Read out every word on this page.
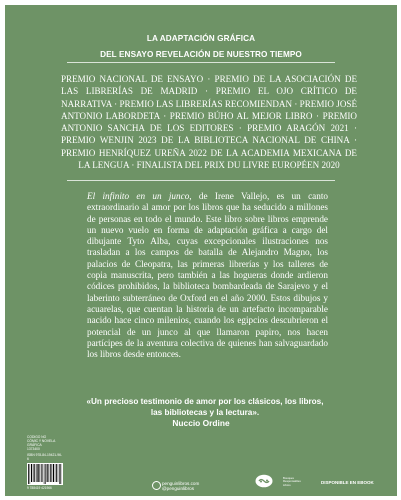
LA ADAPTACIÓN GRÁFICA
DEL ENSAYO REVELACIÓN DE NUESTRO TIEMPO

PREMIO NACIONAL DE ENSAYO · PREMIO DE LA ASOCIACIÓN DE LAS LIBRERÍAS DE MADRID · PREMIO EL OJO CRÍTICO DE NARRATIVA · PREMIO LAS LIBRERÍAS RECOMIENDAN · PREMIO JOSÉ ANTONIO LABORDETA · PREMIO BÚHO AL MEJOR LIBRO · PREMIO ANTONIO SANCHA DE LOS EDITORES · PREMIO ARAGÓN 2021 · PREMIO WENJIN 2023 DE LA BIBLIOTECA NACIONAL DE CHINA · PREMIO HENRÍQUEZ UREÑA 2022 DE LA ACADEMIA MEXICANA DE LA LENGUA · FINALISTA DEL PRIX DU LIVRE EUROPÉEN 2020

El infinito en un junco, de Irene Vallejo, es un canto extraordinario al amor por los libros que ha seducido a millones de personas en todo el mundo. Este libro sobre libros emprende un nuevo vuelo en forma de adaptación gráfica a cargo del dibujante Tyto Alba, cuyas excepcionales ilustraciones nos trasladan a los campos de batalla de Alejandro Magno, los palacios de Cleopatra, las primeras librerías y los talleres de copia manuscrita, pero también a las hogueras donde ardieron códices prohibidos, la biblioteca bombardeada de Sarajevo y el laberinto subterráneo de Oxford en el año 2000. Estos dibujos y acuarelas, que cuentan la historia de un artefacto incomparable nacido hace cinco milenios, cuando los egipcios descubrieron el potencial de un junco al que llamaron papiro, nos hacen partícipes de la aventura colectiva de quienes han salvaguardado los libros desde entonces.

«Un precioso testimonio de amor por los clásicos, los libros, las bibliotecas y la lectura».
Nuccio Ordine
CODIGO NO
CÓMIC Y NOVELA GRÁFICA
1373400
ISBN 978-84-19421-96-6
9 788419 421966
penguinlibros.com
@penguinlibros
Bosques
Responsables
Libros	DISPONIBLE EN EBOOK
